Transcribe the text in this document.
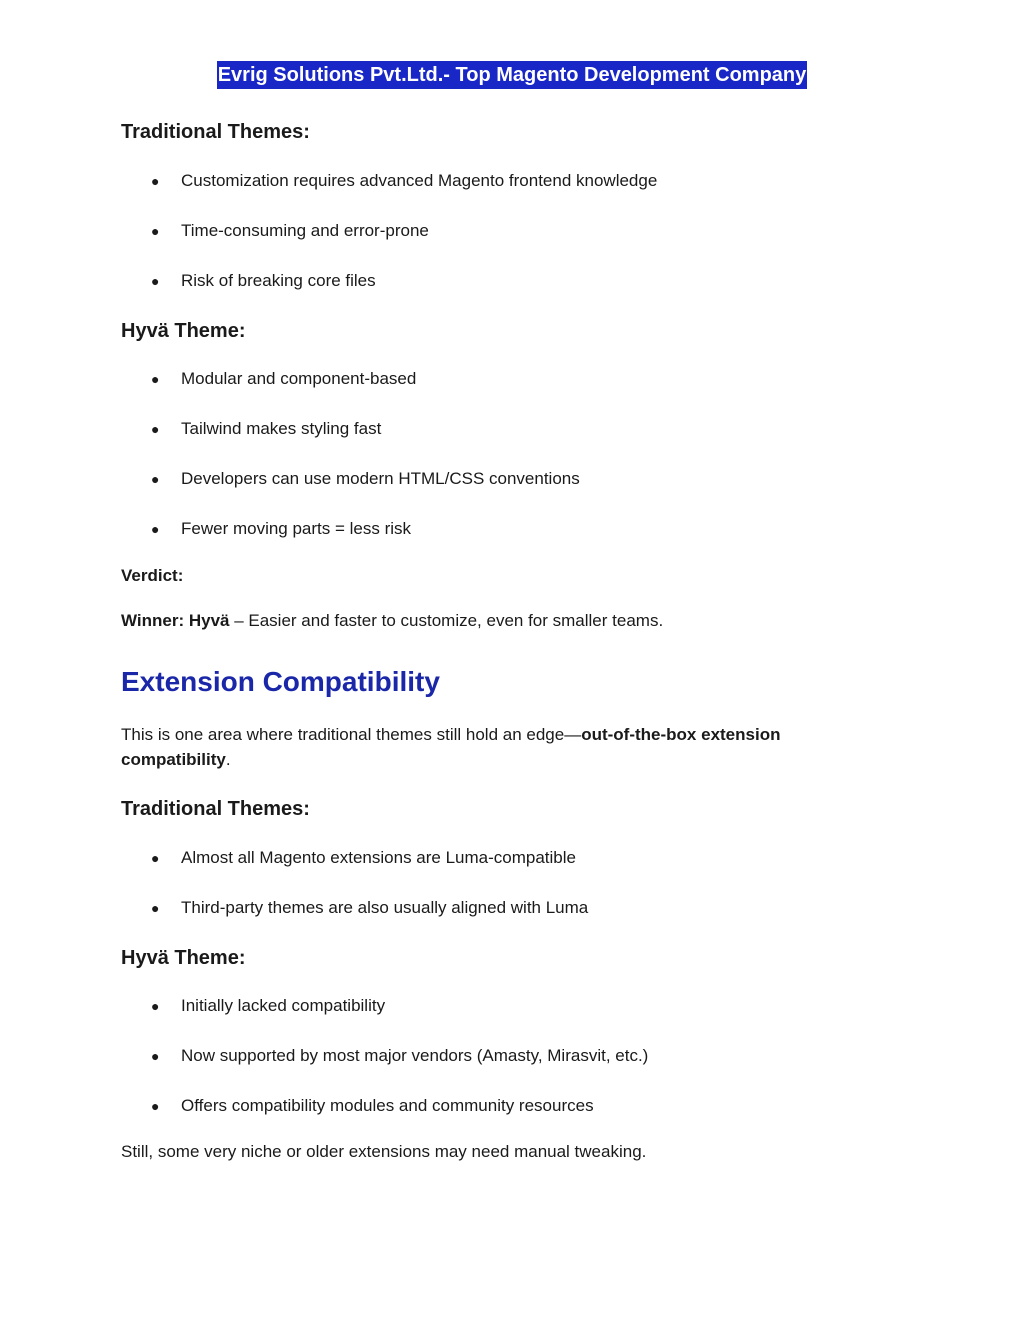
Evrig Solutions Pvt.Ltd.- Top Magento Development Company
Traditional Themes:
● Customization requires advanced Magento frontend knowledge
● Time-consuming and error-prone
● Risk of breaking core files
Hyvä Theme:
● Modular and component-based
● Tailwind makes styling fast
● Developers can use modern HTML/CSS conventions
● Fewer moving parts = less risk
Verdict:
Winner: Hyvä – Easier and faster to customize, even for smaller teams.
Extension Compatibility
This is one area where traditional themes still hold an edge—out-of-the-box extension
compatibility.
Traditional Themes:
● Almost all Magento extensions are Luma-compatible
● Third-party themes are also usually aligned with Luma
Hyvä Theme:
● Initially lacked compatibility
● Now supported by most major vendors (Amasty, Mirasvit, etc.)
● Offers compatibility modules and community resources
Still, some very niche or older extensions may need manual tweaking.
